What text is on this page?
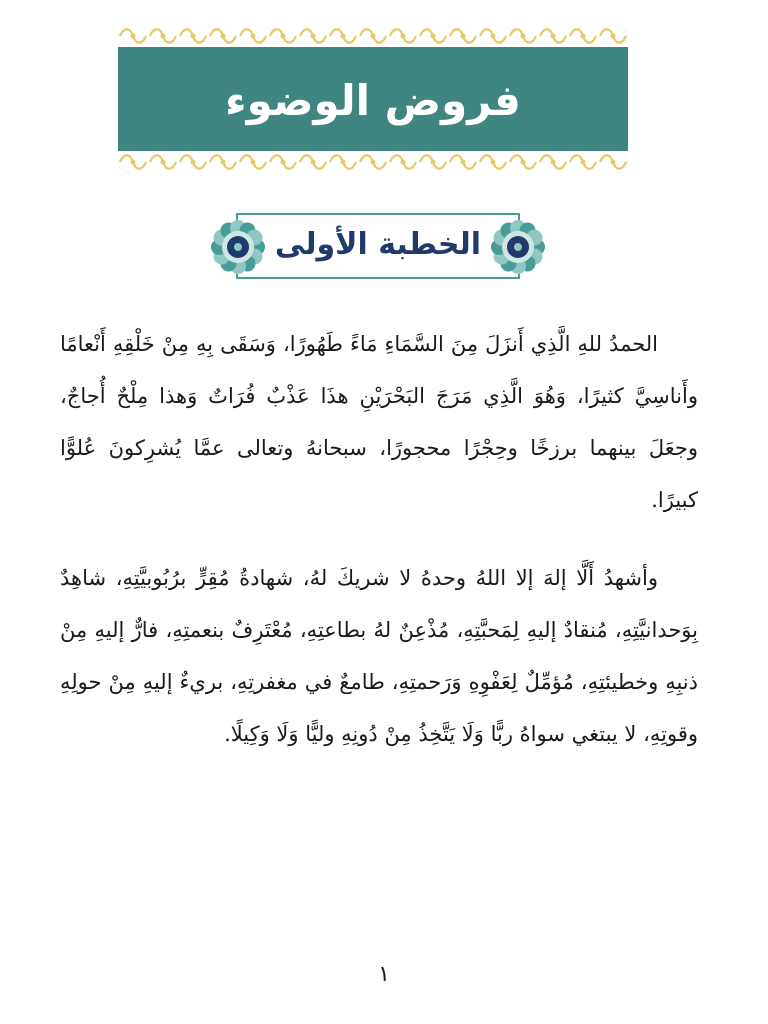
فروض الوضوء
الخطبة الأولى

الحمدُ للهِ الَّذِي أَنزَلَ مِنَ السَّمَاءِ مَاءً طَهُورًا، وَسَقَى بِهِ مِنْ خَلْقِهِ أَنْعامًا وأَناسِيَّ كثيرًا، وَهُوَ الَّذِي مَرَجَ البَحْرَيْنِ هذَا عَذْبٌ فُرَاتٌ وَهذا مِلْحٌ أُجاجٌ، وجعَلَ بينهما برزخًا وحِجْرًا محجورًا، سبحانهُ وتعالى عمَّا يُشرِكونَ عُلوًّا كبيرًا.

وأشهدُ أَلَّا إلهَ إلا اللهُ وحدهُ لا شريكَ لهُ، شهادةُ مُقِرٍّ برُبُوبيَّتِهِ، شاهِدٌ بِوَحدانيَّتِهِ، مُنقادٌ إليهِ لِمَحبَّتِهِ، مُذْعِنٌ لهُ بطاعتِهِ، مُعْتَرِفٌ بنعمتِهِ، فارٌّ إليهِ مِنْ ذنبِهِ وخطيئتِهِ، مُؤمِّلٌ لِعَفْوِهِ وَرَحمتِهِ، طامعٌ في مغفرتِهِ، بريءٌ إليهِ مِنْ حولِهِ وقوتِهِ، لا يبتغي سواهُ ربًّا وَلَا يَتَّخِذُ مِنْ دُونِهِ وليًّا وَلَا وَكِيلًا.

١
